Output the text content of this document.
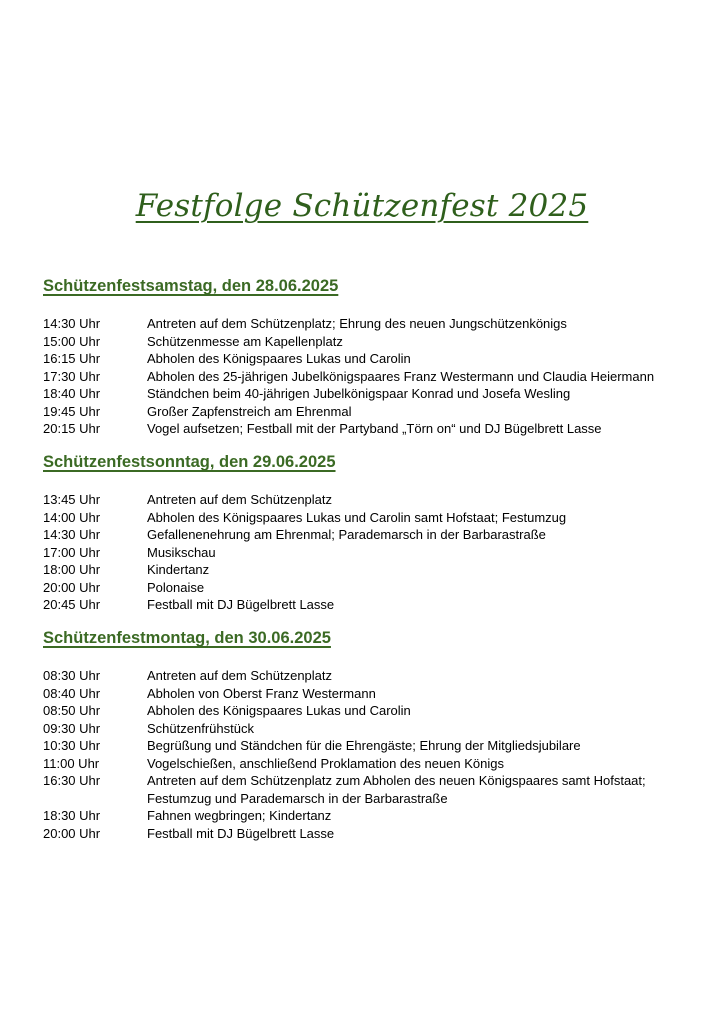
Festfolge Schützenfest 2025
Schützenfestsamstag, den 28.06.2025
14:30 Uhr	Antreten auf dem Schützenplatz; Ehrung des neuen Jungschützenkönigs
15:00 Uhr	Schützenmesse am Kapellenplatz
16:15 Uhr	Abholen des Königspaares Lukas und Carolin
17:30 Uhr	Abholen des 25-jährigen Jubelkönigspaares Franz Westermann und Claudia Heiermann
18:40 Uhr	Ständchen beim 40-jährigen Jubelkönigspaar Konrad und Josefa Wesling
19:45 Uhr	Großer Zapfenstreich am Ehrenmal
20:15 Uhr	Vogel aufsetzen; Festball mit der Partyband „Törn on“ und DJ Bügelbrett Lasse
Schützenfestsonntag, den 29.06.2025
13:45 Uhr	Antreten auf dem Schützenplatz
14:00 Uhr	Abholen des Königspaares Lukas und Carolin samt Hofstaat; Festumzug
14:30 Uhr	Gefallenenehrung am Ehrenmal; Parademarsch in der Barbarastraße
17:00 Uhr	Musikschau
18:00 Uhr	Kindertanz
20:00 Uhr	Polonaise
20:45 Uhr	Festball mit DJ Bügelbrett Lasse
Schützenfestmontag, den 30.06.2025
08:30 Uhr	Antreten auf dem Schützenplatz
08:40 Uhr	Abholen von Oberst Franz Westermann
08:50 Uhr	Abholen des Königspaares Lukas und Carolin
09:30 Uhr	Schützenfrühstück
10:30 Uhr	Begrüßung und Ständchen für die Ehrengäste; Ehrung der Mitgliedsjubilare
11:00 Uhr	Vogelschießen, anschließend Proklamation des neuen Königs
16:30 Uhr	Antreten auf dem Schützenplatz zum Abholen des neuen Königspaares samt Hofstaat;
Festumzug und Parademarsch in der Barbarastraße
18:30 Uhr	Fahnen wegbringen; Kindertanz
20:00 Uhr	Festball mit DJ Bügelbrett Lasse
